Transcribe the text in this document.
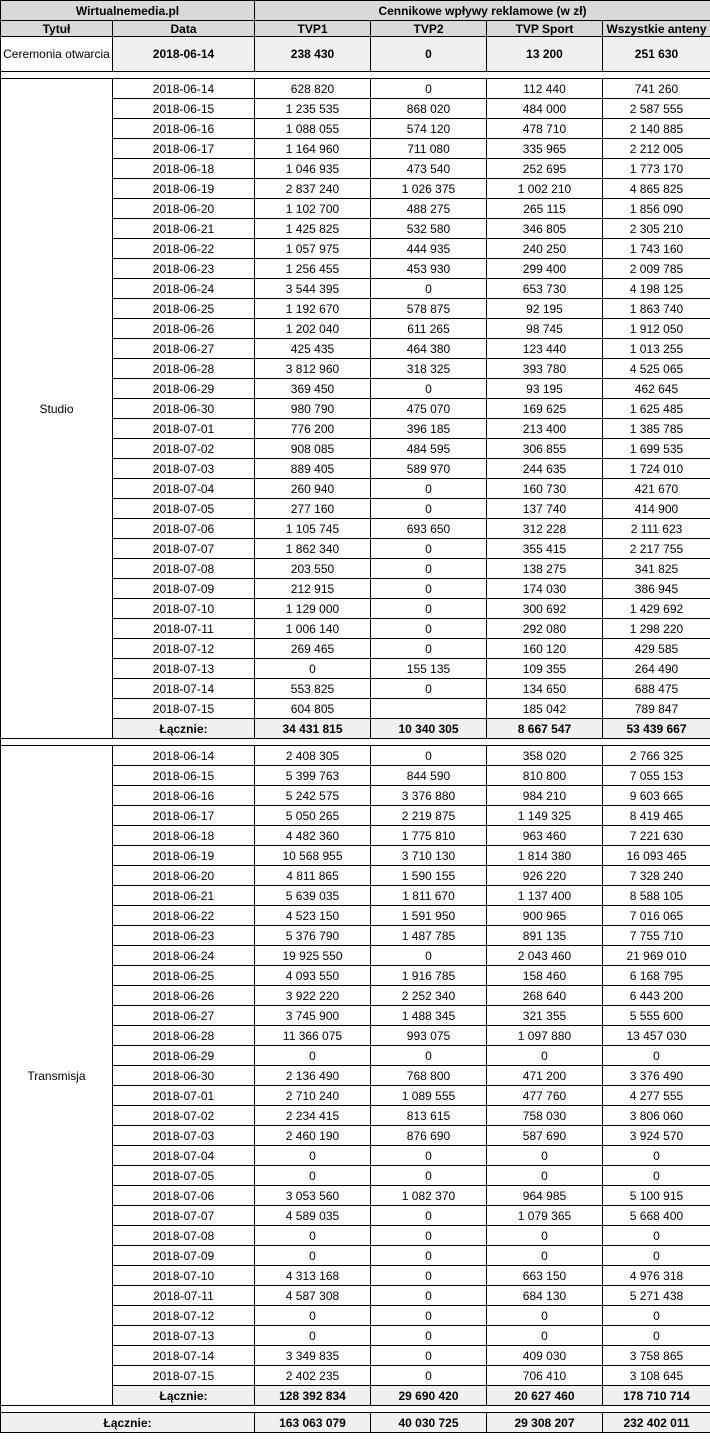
Wirtualnemedia.pl		Cennikowe wpływy reklamowe (w zł)			
Tytuł	Data	TVP1	TVP2	TVP Sport	Wszystkie anteny
Ceremonia otwarcia	2018-06-14	238 430	0	13 200	251 630

Studio	2018-06-14	628 820	0	112 440	741 260
	2018-06-15	1 235 535	868 020	484 000	2 587 555
	2018-06-16	1 088 055	574 120	478 710	2 140 885
	2018-06-17	1 164 960	711 080	335 965	2 212 005
	2018-06-18	1 046 935	473 540	252 695	1 773 170
	2018-06-19	2 837 240	1 026 375	1 002 210	4 865 825
	2018-06-20	1 102 700	488 275	265 115	1 856 090
	2018-06-21	1 425 825	532 580	346 805	2 305 210
	2018-06-22	1 057 975	444 935	240 250	1 743 160
	2018-06-23	1 256 455	453 930	299 400	2 009 785
	2018-06-24	3 544 395	0	653 730	4 198 125
	2018-06-25	1 192 670	578 875	92 195	1 863 740
	2018-06-26	1 202 040	611 265	98 745	1 912 050
	2018-06-27	425 435	464 380	123 440	1 013 255
	2018-06-28	3 812 960	318 325	393 780	4 525 065
	2018-06-29	369 450	0	93 195	462 645
	2018-06-30	980 790	475 070	169 625	1 625 485
	2018-07-01	776 200	396 185	213 400	1 385 785
	2018-07-02	908 085	484 595	306 855	1 699 535
	2018-07-03	889 405	589 970	244 635	1 724 010
	2018-07-04	260 940	0	160 730	421 670
	2018-07-05	277 160	0	137 740	414 900
	2018-07-06	1 105 745	693 650	312 228	2 111 623
	2018-07-07	1 862 340	0	355 415	2 217 755
	2018-07-08	203 550	0	138 275	341 825
	2018-07-09	212 915	0	174 030	386 945
	2018-07-10	1 129 000	0	300 692	1 429 692
	2018-07-11	1 006 140	0	292 080	1 298 220
	2018-07-12	269 465	0	160 120	429 585
	2018-07-13	0	155 135	109 355	264 490
	2018-07-14	553 825	0	134 650	688 475
	2018-07-15	604 805		185 042	789 847
	Łącznie:	34 431 815	10 340 305	8 667 547	53 439 667

Transmisja	2018-06-14	2 408 305	0	358 020	2 766 325
	2018-06-15	5 399 763	844 590	810 800	7 055 153
	2018-06-16	5 242 575	3 376 880	984 210	9 603 665
	2018-06-17	5 050 265	2 219 875	1 149 325	8 419 465
	2018-06-18	4 482 360	1 775 810	963 460	7 221 630
	2018-06-19	10 568 955	3 710 130	1 814 380	16 093 465
	2018-06-20	4 811 865	1 590 155	926 220	7 328 240
	2018-06-21	5 639 035	1 811 670	1 137 400	8 588 105
	2018-06-22	4 523 150	1 591 950	900 965	7 016 065
	2018-06-23	5 376 790	1 487 785	891 135	7 755 710
	2018-06-24	19 925 550	0	2 043 460	21 969 010
	2018-06-25	4 093 550	1 916 785	158 460	6 168 795
	2018-06-26	3 922 220	2 252 340	268 640	6 443 200
	2018-06-27	3 745 900	1 488 345	321 355	5 555 600
	2018-06-28	11 366 075	993 075	1 097 880	13 457 030
	2018-06-29	0	0	0	0
	2018-06-30	2 136 490	768 800	471 200	3 376 490
	2018-07-01	2 710 240	1 089 555	477 760	4 277 555
	2018-07-02	2 234 415	813 615	758 030	3 806 060
	2018-07-03	2 460 190	876 690	587 690	3 924 570
	2018-07-04	0	0	0	0
	2018-07-05	0	0	0	0
	2018-07-06	3 053 560	1 082 370	964 985	5 100 915
	2018-07-07	4 589 035	0	1 079 365	5 668 400
	2018-07-08	0	0	0	0
	2018-07-09	0	0	0	0
	2018-07-10	4 313 168	0	663 150	4 976 318
	2018-07-11	4 587 308	0	684 130	5 271 438
	2018-07-12	0	0	0	0
	2018-07-13	0	0	0	0
	2018-07-14	3 349 835	0	409 030	3 758 865
	2018-07-15	2 402 235	0	706 410	3 108 645
	Łącznie:	128 392 834	29 690 420	20 627 460	178 710 714

Łącznie:		163 063 079	40 030 725	29 308 207	232 402 011
